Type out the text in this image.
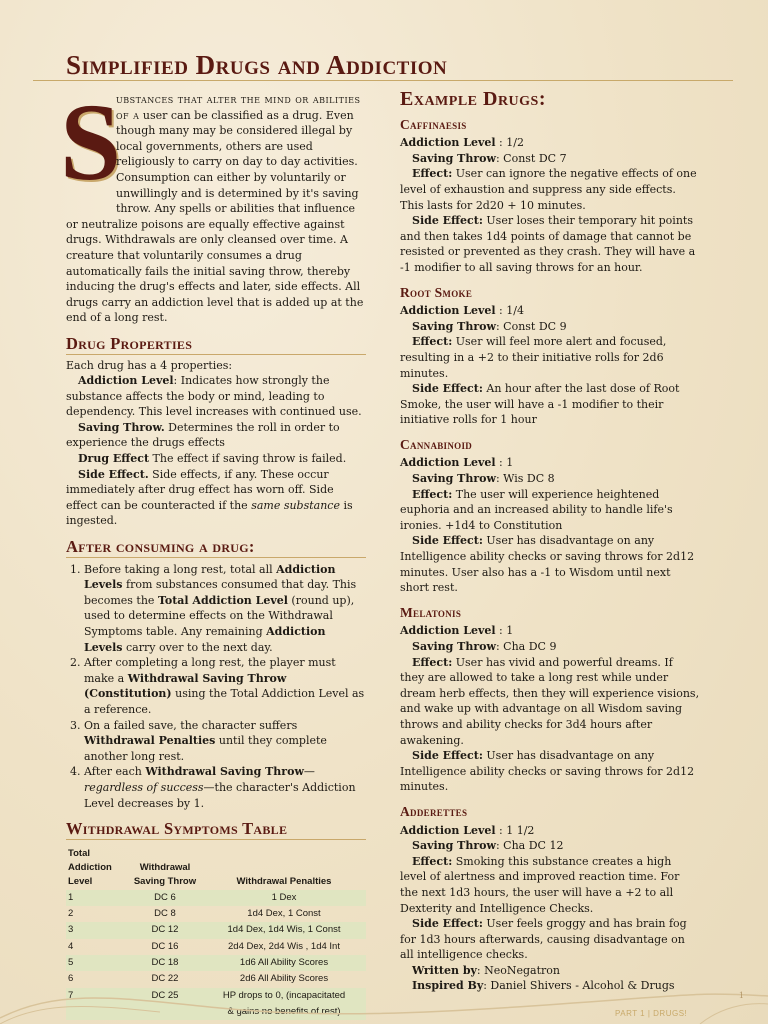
Simplified Drugs and Addiction

S
ubstances that alter the mind or abilities of a user can be classified as a drug. Even though many may be considered illegal by local governments, others are used religiously to carry on day to day activities. Consumption can either by voluntarily or unwillingly and is determined by it's saving throw. Any spells or abilities that influence or neutralize poisons are equally effective against drugs. Withdrawals are only cleansed over time. A creature that voluntarily consumes a drug automatically fails the initial saving throw, thereby inducing the drug's effects and later, side effects. All drugs carry an addiction level that is added up at the end of a long rest.

Drug Properties

Each drug has a 4 properties:

Addiction Level: Indicates how strongly the substance affects the body or mind, leading to dependency. This level increases with continued use.

Saving Throw. Determines the roll in order to experience the drugs effects

Drug Effect The effect if saving throw is failed.

Side Effect. Side effects, if any. These occur immediately after drug effect has worn off. Side effect can be counteracted if the same substance is ingested.

After consuming a drug:
1. Before taking a long rest, total all Addiction Levels from substances consumed that day. This becomes the Total Addiction Level (round up), used to determine effects on the Withdrawal Symptoms table. Any remaining Addiction Levels carry over to the next day.
2. After completing a long rest, the player must make a Withdrawal Saving Throw (Constitution) using the Total Addiction Level as a reference.
3. On a failed save, the character suffers Withdrawal Penalties until they complete another long rest.
4. After each Withdrawal Saving Throw—regardless of success—the character's Addiction Level decreases by 1.
Withdrawal Symptoms Table
Total
Addiction
Level	Withdrawal
Saving Throw	Withdrawal Penalties
1	DC 6	1 Dex
2	DC 8	1d4 Dex, 1 Const
3	DC 12	1d4 Dex, 1d4 Wis, 1 Const
4	DC 16	2d4 Dex, 2d4 Wis , 1d4 Int
5	DC 18	1d6 All Ability Scores
6	DC 22	2d6 All Ability Scores
7	DC 25	HP drops to 0, (incapacitated
		& gains no benefits of rest)
Example Drugs:
Caffinaesis

Addiction Level : 1/2

Saving Throw: Const DC 7

Effect: User can ignore the negative effects of one level of exhaustion and suppress any side effects. This lasts for 2d20 + 10 minutes.

Side Effect: User loses their temporary hit points and then takes 1d4 points of damage that cannot be resisted or prevented as they crash. They will have a -1 modifier to all saving throws for an hour.

Root Smoke

Addiction Level : 1/4

Saving Throw: Const DC 9

Effect: User will feel more alert and focused, resulting in a +2 to their initiative rolls for 2d6 minutes.

Side Effect: An hour after the last dose of Root Smoke, the user will have a -1 modifier to their initiative rolls for 1 hour

Cannabinoid

Addiction Level : 1

Saving Throw: Wis DC 8

Effect: The user will experience heightened euphoria and an increased ability to handle life's ironies. +1d4 to Constitution

Side Effect: User has disadvantage on any Intelligence ability checks or saving throws for 2d12 minutes. User also has a -1 to Wisdom until next short rest.

Melatonis

Addiction Level : 1

Saving Throw: Cha DC 9

Effect: User has vivid and powerful dreams. If they are allowed to take a long rest while under dream herb effects, then they will experience visions, and wake up with advantage on all Wisdom saving throws and ability checks for 3d4 hours after awakening.

Side Effect: User has disadvantage on any Intelligence ability checks or saving throws for 2d12 minutes.

Adderettes

Addiction Level : 1 1/2

Saving Throw: Cha DC 12

Effect: Smoking this substance creates a high level of alertness and improved reaction time. For the next 1d3 hours, the user will have a +2 to all Dexterity and Intelligence Checks.

Side Effect: User feels groggy and has brain fog for 1d3 hours afterwards, causing disadvantage on all intelligence checks.

Written by: NeoNegatron

Inspired By: Daniel Shivers - Alcohol & Drugs

PART 1 | DRUGS!
1
